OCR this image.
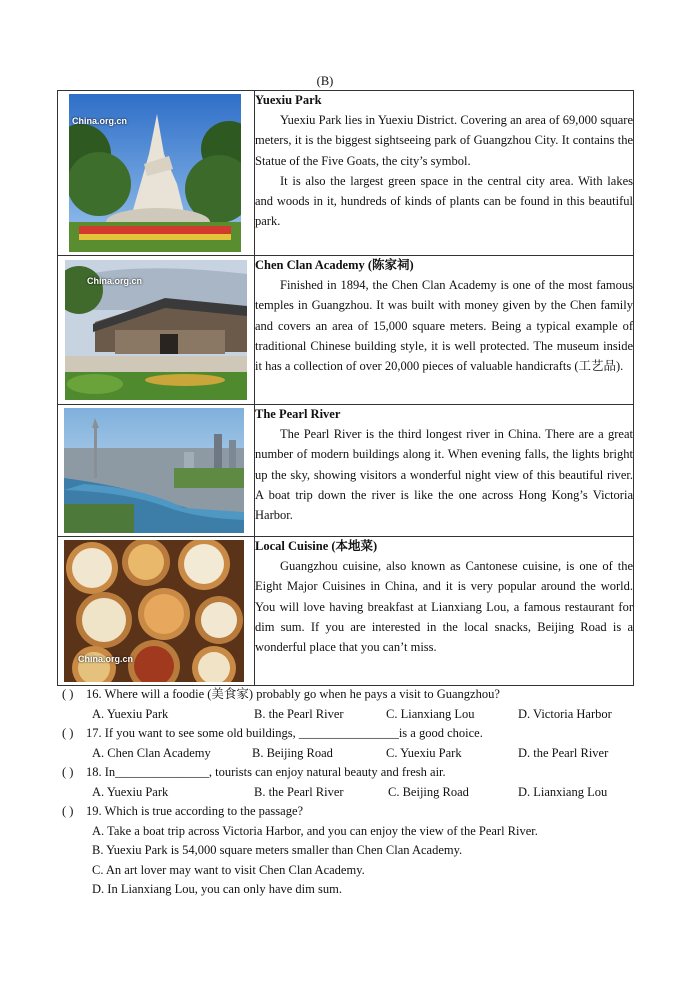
(B)
China.org.cn	Yuexiu Park
Yuexiu Park lies in Yuexiu District. Covering an area of 69,000 square meters, it is the biggest sightseeing park of Guangzhou City. It contains the Statue of the Five Goats, the city’s symbol.
It is also the largest green space in the central city area. With lakes and woods in it, hundreds of kinds of plants can be found in this beautiful park.

China.org.cn	Chen Clan Academy (陈家祠)
Finished in 1894, the Chen Clan Academy is one of the most famous temples in Guangzhou. It was built with money given by the Chen family and covers an area of 15,000 square meters. Being a typical example of traditional Chinese building style, it is well protected. The museum inside it has a collection of over 20,000 pieces of valuable handicrafts (工艺品).

The Pearl River
The Pearl River is the third longest river in China. There are a great number of modern buildings along it. When evening falls, the lights bright up the sky, showing visitors a wonderful night view of this beautiful river. A boat trip down the river is like the one across Hong Kong’s Victoria Harbor.

China.org.cn	Local Cuisine (本地菜)
Guangzhou cuisine, also known as Cantonese cuisine, is one of the Eight Major Cuisines in China, and it is very popular around the world. You will love having breakfast at Lianxiang Lou, a famous restaurant for dim sum. If you are interested in the local snacks, Beijing Road is a wonderful place that you can’t miss.
( ) 16. Where will a foodie (美食家) probably go when he pays a visit to Guangzhou?
A. Yuexiu Park	B. the Pearl River	C. Lianxiang Lou	D. Victoria Harbor
( ) 17. If you want to see some old buildings, ________________is a good choice.
A. Chen Clan Academy	B. Beijing Road	C. Yuexiu Park	D. the Pearl River
( ) 18. In_______________, tourists can enjoy natural beauty and fresh air.
A. Yuexiu Park	B. the Pearl River	C. Beijing Road	D. Lianxiang Lou
( ) 19. Which is true according to the passage?
A. Take a boat trip across Victoria Harbor, and you can enjoy the view of the Pearl River.
B. Yuexiu Park is 54,000 square meters smaller than Chen Clan Academy.
C. An art lover may want to visit Chen Clan Academy.
D. In Lianxiang Lou, you can only have dim sum.
